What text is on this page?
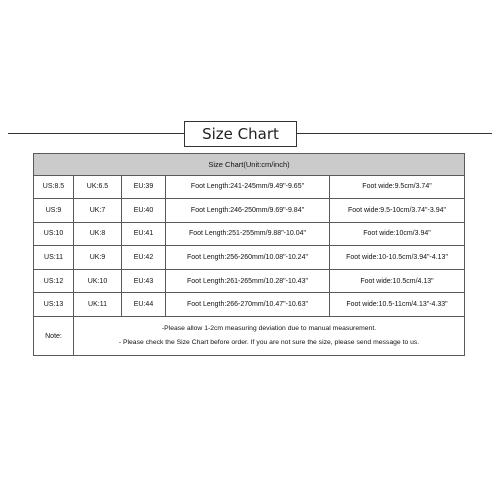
Size Chart
Size Chart(Unit:cm/inch)				
US:8.5	UK:6.5	EU:39	Foot Length:241-245mm/9.49"-9.65"	Foot wide:9.5cm/3.74"
US:9	UK:7	EU:40	Foot Length:246-250mm/9.69"-9.84"	Foot wide:9.5-10cm/3.74"-3.94"
US:10	UK:8	EU:41	Foot Length:251-255mm/9.88"-10.04"	Foot wide:10cm/3.94"
US:11	UK:9	EU:42	Foot Length:256-260mm/10.08"-10.24"	Foot wide:10-10.5cm/3.94"-4.13"
US:12	UK:10	EU:43	Foot Length:261-265mm/10.28"-10.43"	Foot wide:10.5cm/4.13"
US:13	UK:11	EU:44	Foot Length:266-270mm/10.47"-10.63"	Foot wide:10.5-11cm/4.13"-4.33"
Note:	-Please allow 1-2cm measuring deviation due to manual measurement.
- Please check the Size Chart before order. If you are not sure the size, please send message to us.			
